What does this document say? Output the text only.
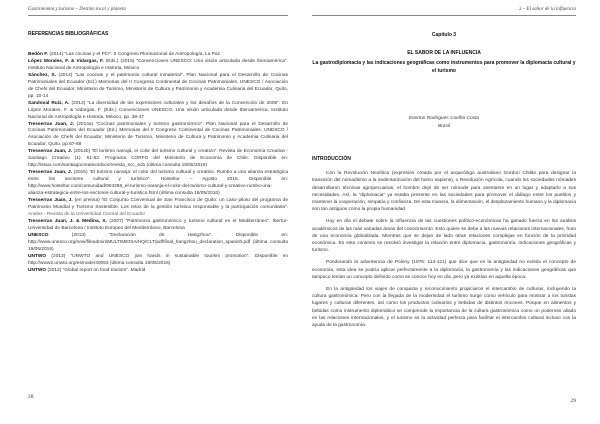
Gastronomía y turismo – Destino local y planeta
REFERENCIAS BIBLIOGRÁFICAS

Bedón F. (2014) “Las cocinas y el PCI”. II Congreso Plurinacional de Antropología, La Paz

López Morales, F. & Vidargas, F. (Eds.) (2015) “Convenciones UNESCO: Una visión articulada desde Iberoamérica”. Instituto Nacional de Antropología e Historia, México

Sánchez, S. (2014) “Las cocinas y el patrimonio cultural inmaterial”. Plan Nacional para el Desarrollo de Cocinas Patrimoniales del Ecuador (Ed.) Memorias del II Congreso Continental de Cocinas Patrimoniales. UNESCO / Asociación de Chefs del Ecuador, Ministerio de Turismo, Ministerio de Cultura y Patrimonio y Academia Culinaria del Ecuador, Quito, pp. 10-14

Sandoval Ruiz, A. (2013) “La diversidad de las expresiones culturales y los desafíos de la Convención de 2005”. En López Morales, F. & Vidargas, F. (Eds.) Convenciones UNESCO. Una visión articulada desde Iberoamérica. Instituto Nacional de Antropología e Historia, México, pp. 38-47

Tresserras Juan, J. (2014a) “Cocinas patrimoniales y turismo gastronómico”. Plan Nacional para el Desarrollo de Cocinas Patrimoniales del Ecuador (Ed.) Memorias del II Congreso Continental de Cocinas Patrimoniales. UNESCO / Asociación de Chefs del Ecuador, Ministerio de Turismo, Ministerio de Cultura y Patrimonio y Academia Culinaria del Ecuador, Quito, pp.67-68

Tresserras Juan, J. (2014b) “El turismo narrajá, el color del turismo cultural y creativo”. Revista de Economía Creativa - Santiago Creativo (1): 51-52. Programa CORFO del Ministerio de Economía de Chile. Disponible en: http://issuu.com/santiagocreativo/docs/revista_scc_ed1 (última consulta 18/05/2016)

Tresserras Juan, J. (2015) “El turismo naranja: el color del turismo cultural y creativo. Rumbo a una alianza estratégica entre los sectores cultural y turístico”. Hosteltur – Agosto 2015. Disponible en: http://www.hosteltur.com/comunidad/004286_el-turismo-naranja-el-color-del-turismo-cultural-y-creativo-rumbo-una-alianza-estrategica-entre-los-sectores-cultural-y-turistico.html (última consulta 19/05/2016)

Tresserras Juan, J. (en prensa) “El Conjunto Conventual de San Francisco de Quito: un caso piloto del programa de Patrimonio Mundial y Turismo Sostenible. Los retos de la gestión turística responsable y la participación comunitaria”. Anales - Revista de la Universidad Central del Ecuador

Tresserras Juan, J. & Medina, X. (2007) “Patrimonio gastronómico y turismo cultural en el Mediterráneo”. Ibertur-Universidad de Barcelona / Instituto Europeo del Mediterráneo, Barcelona

UNESCO (2013) “Declaración de Hangzhou”. Disponible en: http://www.unesco.org/new/fileadmin/MULTIMEDIA/HQ/CLT/pdf/final_hangzhou_declaration_spanish.pdf (última consulta 19/05/2016)

UNTWO (2013) “UNWTO and UNESCO join hands in sustainable tourism promotion”. Disponible en http://www2.unwto.org/es/node/40063 (última consulta 19/05/2016)

UNTWO (2012) “Global report on food tourism”. Madrid

28
3 – El sabor de la influencia
Capítulo 3
EL SABOR DE LA INFLUENCIA
La gastrodiplomacia y las indicaciones geográficas como instrumentos para promover la diplomacia cultural y el turismo
Everton Rodrigues Coelho Costa
Brasil
INTRODUCCIÓN

Con la Revolución Neolítica (expresión creada por el arqueólogo australiano Gordon Childe para designar la transición del nomadismo a la sedentarización del homo sapiens), o Revolución Agrícola, cuando los sociedades nómades desarrollaron técnicas agropecuarias, el hombre dejó de ser nómade para asentarse en un lugar y adaptarlo a sus necesidades. Así, la “diplomacia” ya estaba presente en las sociedades para promover el diálogo entre los pueblos y mantener la cooperación, simpatía y confianza. De esta manera, la alimentación, el desplazamiento humano y la diplomacia son tan antiguos como la propia humanidad.

Hoy en día el debate sobre la influencia de las cuestiones político-económicas ha ganado fuerza en los análisis académicos de las más variadas áreas del conocimiento. Esto quiere se debe a las nuevas relaciones internacionales, fruto de una economía globalizada. Mientras que se dejan de lado otras relaciones complejas en función de la prioridad económica. En este contexto se resolvió investigar la relación entre diplomacia, gastronomía, indicaciones geográficas y turismo.

Ponderando la advertencia de Polony (1976: 114-121) que dice que en la antigüedad no existía el concepto de economía, esta idea se podría aplicar perfectamente a la diplomacia, la gastronomía y las indicaciones geográficas que tampoco tenían un concepto definido como se conoce hoy en día, pero ya existían en aquella época.

En la antigüedad los viajes de conquista y reconocimiento propiciaron el intercambio de culturas, incluyendo la cultura gastronómica. Pero con la llegada de la modernidad el turismo surge como vehículo para mostrar a los turistas lugares y culturas diferentes, así como los productos culinarios y bebidas de distintos rincones. Porque en alimentos y bebidas como instrumento diplomático se comprende la importancia de la cultura gastronómica como un poderoso aliado en las relaciones internacionales, y el turismo es la actividad perfecta para facilitar el intercambio cultural incluso con la ayuda de la gastronomía.

29
